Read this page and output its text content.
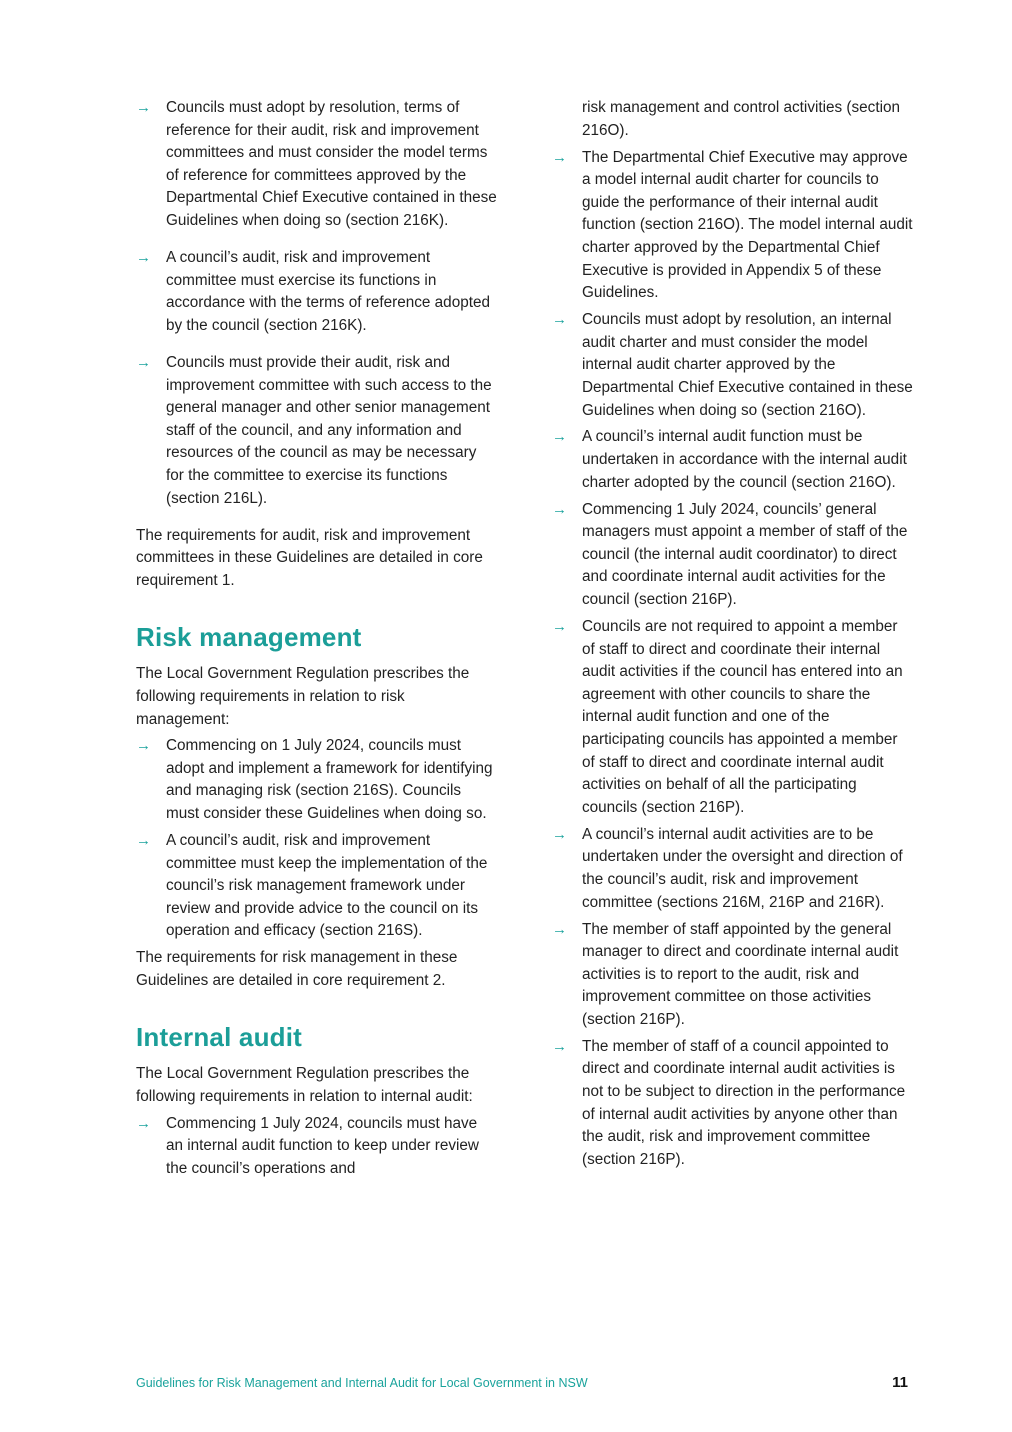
→ Councils must adopt by resolution, terms of reference for their audit, risk and improvement committees and must consider the model terms of reference for committees approved by the Departmental Chief Executive contained in these Guidelines when doing so (section 216K).
→ A council’s audit, risk and improvement committee must exercise its functions in accordance with the terms of reference adopted by the council (section 216K).
→ Councils must provide their audit, risk and improvement committee with such access to the general manager and other senior management staff of the council, and any information and resources of the council as may be necessary for the committee to exercise its functions (section 216L).

The requirements for audit, risk and improvement committees in these Guidelines are detailed in core requirement 1.

Risk management

The Local Government Regulation prescribes the following requirements in relation to risk management:

→ Commencing on 1 July 2024, councils must adopt and implement a framework for identifying and managing risk (section 216S). Councils must consider these Guidelines when doing so.
→ A council’s audit, risk and improvement committee must keep the implementation of the council’s risk management framework under review and provide advice to the council on its operation and efficacy (section 216S).

The requirements for risk management in these Guidelines are detailed in core requirement 2.

Internal audit

The Local Government Regulation prescribes the following requirements in relation to internal audit:

→ Commencing 1 July 2024, councils must have an internal audit function to keep under review the council’s operations and

risk management and control activities (section 216O).

→ The Departmental Chief Executive may approve a model internal audit charter for councils to guide the performance of their internal audit function (section 216O). The model internal audit charter approved by the Departmental Chief Executive is provided in Appendix 5 of these Guidelines.
→ Councils must adopt by resolution, an internal audit charter and must consider the model internal audit charter approved by the Departmental Chief Executive contained in these Guidelines when doing so (section 216O).
→ A council’s internal audit function must be undertaken in accordance with the internal audit charter adopted by the council (section 216O).
→ Commencing 1 July 2024, councils’ general managers must appoint a member of staff of the council (the internal audit coordinator) to direct and coordinate internal audit activities for the council (section 216P).
→ Councils are not required to appoint a member of staff to direct and coordinate their internal audit activities if the council has entered into an agreement with other councils to share the internal audit function and one of the participating councils has appointed a member of staff to direct and coordinate internal audit activities on behalf of all the participating councils (section 216P).
→ A council’s internal audit activities are to be undertaken under the oversight and direction of the council’s audit, risk and improvement committee (sections 216M, 216P and 216R).
→ The member of staff appointed by the general manager to direct and coordinate internal audit activities is to report to the audit, risk and improvement committee on those activities (section 216P).
→ The member of staff of a council appointed to direct and coordinate internal audit activities is not to be subject to direction in the performance of internal audit activities by anyone other than the audit, risk and improvement committee (section 216P).
Guidelines for Risk Management and Internal Audit for Local Government in NSW	11
